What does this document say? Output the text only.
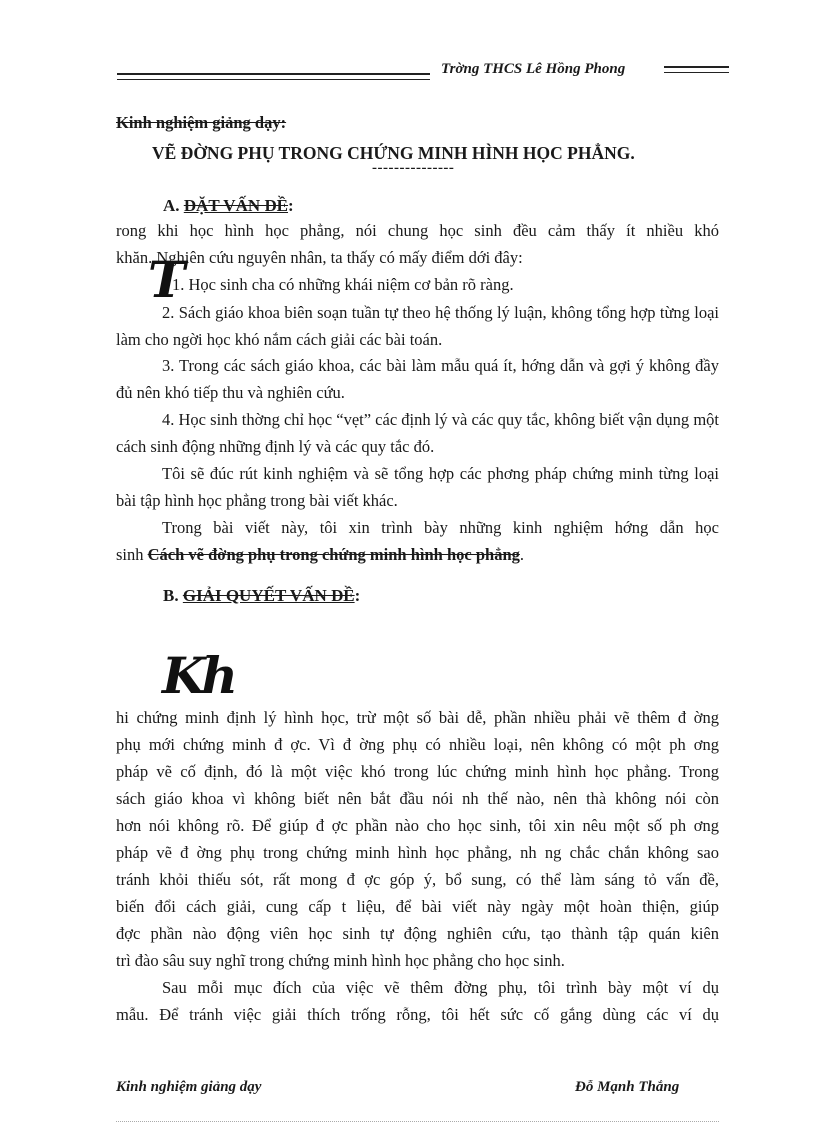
Trờng THCS Lê Hồng Phong
Kinh nghiệm giảng dạy:
VẼ ĐỜNG PHỤ TRONG CHỨNG MINH HÌNH HỌC PHẲNG.
---------------
A. ĐẶT VẤN ĐỀ:
rong khi học hình học phẳng, nói chung học sinh đều cảm thấy ít nhiều khó
khăn. Nghiên cứu nguyên nhân, ta thấy có mấy điểm dới đây:
T
1. Học sinh cha có những khái niệm cơ bản rõ ràng.
2. Sách giáo khoa biên soạn tuần tự theo hệ thống lý luận, không tổng hợp từng loại làm cho ngời học khó nắm cách giải các bài toán.
3. Trong các sách giáo khoa, các bài làm mẫu quá ít, hớng dẫn và gợi ý không đầy đủ nên khó tiếp thu và nghiên cứu.
4. Học sinh thờng chỉ học “vẹt” các định lý và các quy tắc, không biết vận dụng một cách sinh động những định lý và các quy tắc đó.
Tôi sẽ đúc rút kinh nghiệm và sẽ tổng hợp các phơng pháp chứng minh từng loại bài tập hình học phẳng trong bài viết khác.
Trong bài viết này, tôi xin trình bày những kinh nghiệm hớng dẫn học
sinh Cách vẽ đờng phụ trong chứng minh hình học phẳng.
B. GIẢI QUYẾT VẤN ĐỀ:
Kh
hi chứng minh định lý hình học, trừ một số bài dễ, phần nhiều phải vẽ thêm đ ờng
phụ mới chứng minh đ ợc. Vì đ ờng phụ có nhiều loại, nên không có một ph ơng
pháp vẽ cố định, đó là một việc khó trong lúc chứng minh hình học phẳng. Trong
sách giáo khoa vì không biết nên bắt đầu nói nh thế nào, nên thà không nói còn
hơn nói không rõ. Để giúp đ ợc phần nào cho học sinh, tôi xin nêu một số ph ơng
pháp vẽ đ ờng phụ trong chứng minh hình học phẳng, nh ng chắc chắn không sao
tránh khỏi thiếu sót, rất mong đ ợc góp ý, bổ sung, có thể làm sáng tỏ vấn đề,
biến đổi cách giải, cung cấp t liệu, để bài viết này ngày một hoàn thiện, giúp
đợc phần nào động viên học sinh tự động nghiên cứu, tạo thành tập quán kiên
trì đào sâu suy nghĩ trong chứng minh hình học phẳng cho học sinh.
Sau mỗi mục đích của việc vẽ thêm đờng phụ, tôi trình bày một ví dụ
mẫu. Để tránh việc giải thích trống rỗng, tôi hết sức cố gắng dùng các ví dụ
Kinh nghiệm giảng dạy	Đỗ Mạnh Thắng
